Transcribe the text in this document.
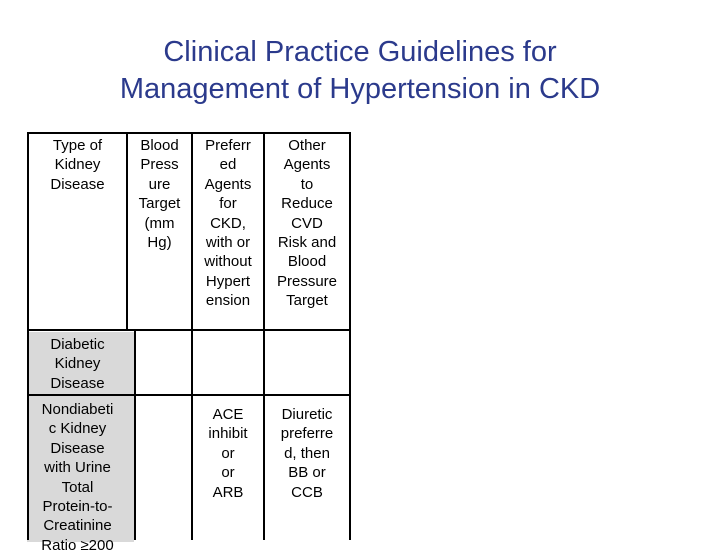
Clinical Practice Guidelines for
Management of Hypertension in CKD
Type of
Kidney
Disease
Blood
Press
ure
Target
(mm
Hg)
Preferr
ed
Agents
for
CKD,
with or
without
Hypert
ension
Other
Agents
to
Reduce
CVD
Risk and
Blood
Pressure
Target
Diabetic
Kidney
Disease
Nondiabeti
c Kidney
Disease
with Urine
Total
Protein-to-
Creatinine
Ratio ≥200
ACE
inhibit
or
or
ARB
Diuretic
preferre
d, then
BB or
CCB
